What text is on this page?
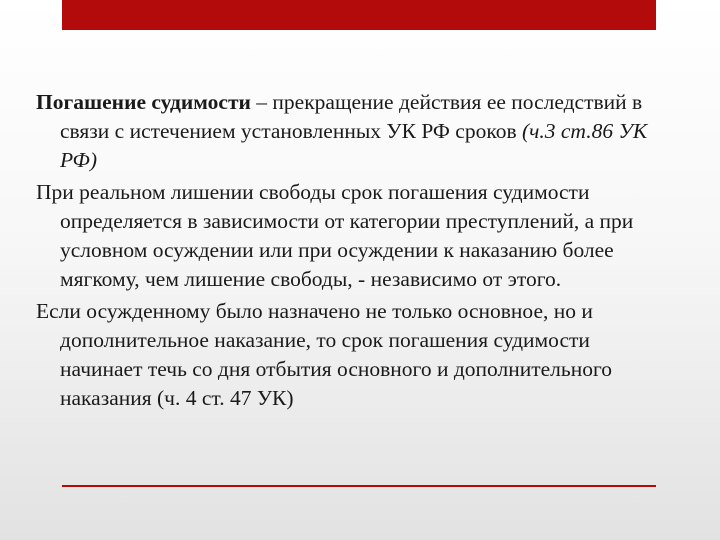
Погашение судимости – прекращение действия ее последствий в связи с истечением установленных УК РФ сроков (ч.3 ст.86 УК РФ)

При реальном лишении свободы срок погашения судимости определяется в зависимости от категории преступлений, а при условном осуждении или при осуждении к наказанию более мягкому, чем лишение свободы, - независимо от этого.

Если осужденному было назначено не только основное, но и дополнительное наказание, то срок погашения судимости начинает течь со дня отбытия основного и дополнительного наказания (ч. 4 ст. 47 УК)
